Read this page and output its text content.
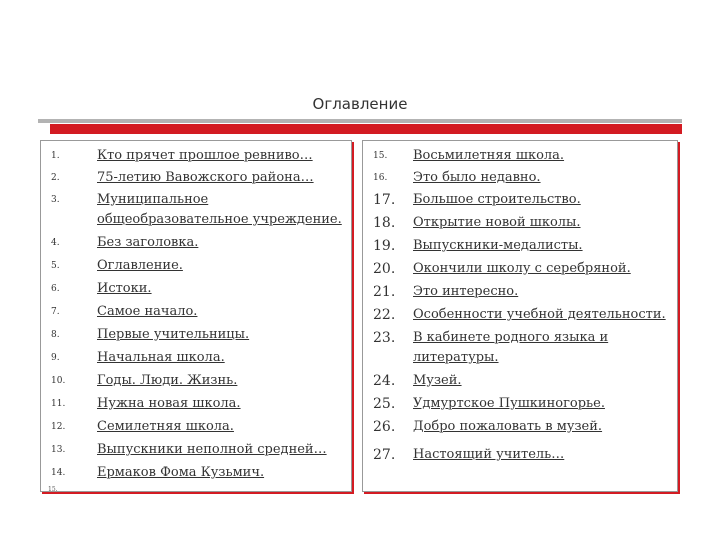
Оглавление
1.	Кто прячет прошлое ревниво…
2.	75-летию Вавожского района…
3.	Муниципальное
общеобразовательное учреждение.
4.	Без заголовка.
5.	Оглавление.
6.	Истоки.
7.	Самое начало.
8.	Первые учительницы.
9.	Начальная школа.
10. Годы. Люди. Жизнь.
11. Нужна новая школа.
12. Семилетняя школа.
13. Выпускники неполной средней…
14. Ермаков Фома Кузьмич.
15. Восьмилетняя школа.
16. Это было недавно.
17. Большое строительство.
18. Открытие новой школы.
19. Выпускники-медалисты.
20. Окончили школу с серебряной.
21. Это интересно.
22. Особенности учебной деятельности.
23. В кабинете родного языка и
литературы.
24. Музей.
25. Удмуртское Пушкиногорье.
26. Добро пожаловать в музей.
27. Настоящий учитель…
15.
